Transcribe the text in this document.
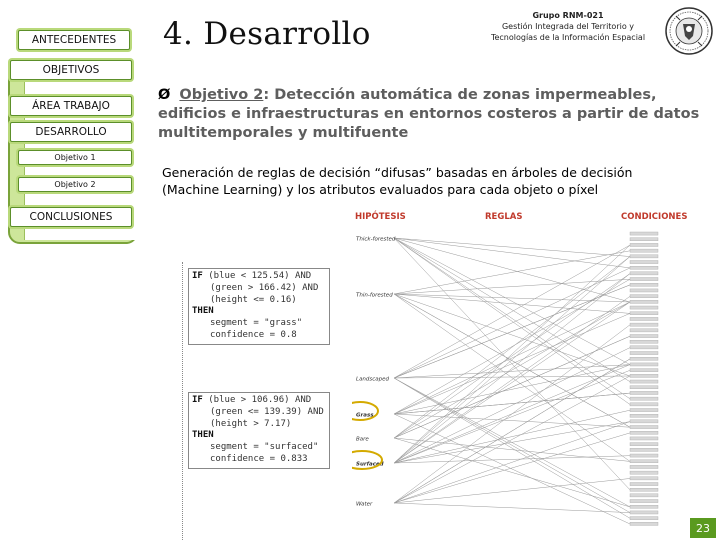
ANTECEDENTES
OBJETIVOS
ÁREA TRABAJO
DESARROLLO
Objetivo 1
Objetivo 2
CONCLUSIONES
4. Desarrollo
Grupo RNM-021
Gestión Integrada del Territorio y
Tecnologías de la Información Espacial
Ø Objetivo 2: Detección automática de zonas impermeables, edificios e infraestructuras en entornos costeros a partir de datos multitemporales y multifuente
Generación de reglas de decisión “difusas” basadas en árboles de decisión (Machine Learning) y los atributos evaluados para cada objeto o píxel
HIPÓTESIS	REGLAS	CONDICIONES
Thick-forested
Thin-forested
Landscaped
Grass
Bare
Surfaced
Water
IF (blue < 125.54) AND
(green > 166.42) AND
(height <= 0.16)
THEN
segment = "grass"
confidence = 0.8
IF (blue > 106.96) AND
(green <= 139.39) AND
(height > 7.17)
THEN
segment = "surfaced"
confidence = 0.833
23
